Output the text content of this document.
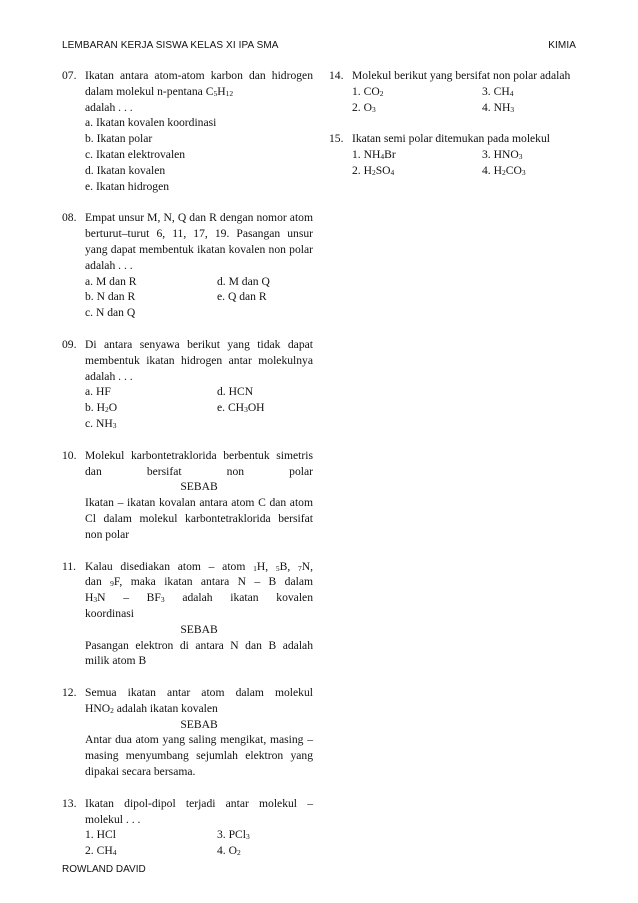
LEMBARAN KERJA SISWA KELAS XI IPA SMA	KIMIA
07. Ikatan antara atom-atom karbon dan hidrogen dalam molekul n-pentana $C_5H_{12}$
adalah . . .
a. Ikatan kovalen koordinasi
b. Ikatan polar
c. Ikatan elektrovalen
d. Ikatan kovalen
e. Ikatan hidrogen
08. Empat unsur M, N, Q dan R dengan nomor atom berturut–turut 6, 11, 17, 19. Pasangan unsur yang dapat membentuk ikatan kovalen non polar adalah . . .
a. M dan R	d. M dan Q
b. N dan R	e. Q dan R
c. N dan Q
09. Di antara senyawa berikut yang tidak dapat membentuk ikatan hidrogen antar molekulnya adalah . . .
a. HF	d. HCN
b. $H_2O$	e. $CH_3OH$
c. $NH_3$
10. Molekul karbontetraklorida berbentuk simetris dan bersifat non polar
SEBAB
Ikatan – ikatan kovalan antara atom C dan atom Cl dalam molekul karbontetraklorida bersifat non polar
11. Kalau disediakan atom – atom $_1$H, $_5$B, $_7$N,
dan $_9$F, maka ikatan antara N – B dalam
$H_3N - BF_3$ adalah ikatan kovalen
koordinasi
SEBAB
Pasangan elektron di antara N dan B adalah milik atom B
12. Semua ikatan antar atom dalam molekul
$HNO_2$ adalah ikatan kovalen
SEBAB
Antar dua atom yang saling mengikat, masing – masing menyumbang sejumlah elektron yang dipakai secara bersama.
13. Ikatan dipol-dipol terjadi antar molekul – molekul . . .
1. HCl	3. PCl$_3$
2. $CH_4$	4. $O_2$
14. Molekul berikut yang bersifat non polar adalah
1. $CO_2$	3. $CH_4$
2. $O_3$	4. $NH_3$
15. Ikatan semi polar ditemukan pada molekul
1. $NH_4Br$	3. $HNO_3$
2. $H_2SO_4$	4. $H_2CO_3$
ROWLAND DAVID
